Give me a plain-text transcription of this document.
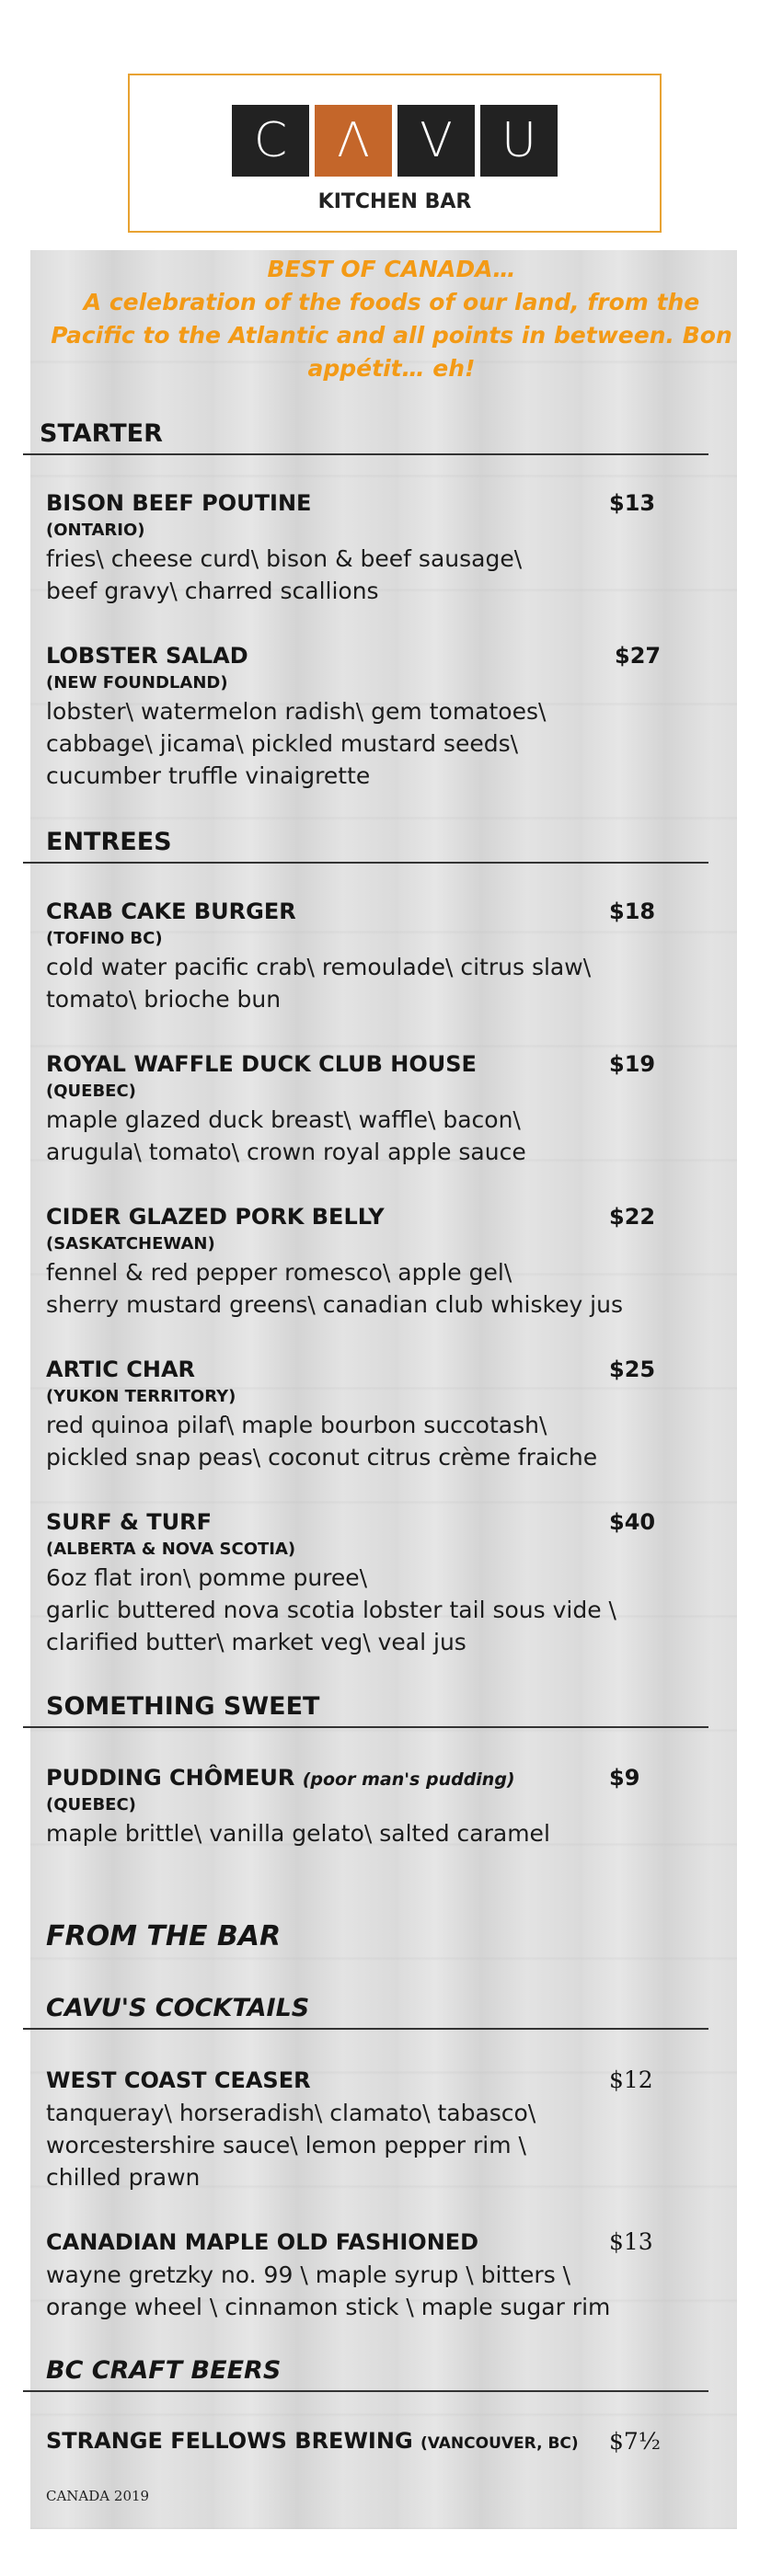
C	Λ	V	U
KITCHEN BAR
BEST OF CANADA…
A celebration of the foods of our land, from the
Pacific to the Atlantic and all points in between. Bon
appétit… eh!
STARTER
BISON BEEF POUTINE	$13
(ONTARIO)
fries\ cheese curd\ bison & beef sausage\
beef gravy\ charred scallions
LOBSTER SALAD	$27
(NEW FOUNDLAND)
lobster\ watermelon radish\ gem tomatoes\
cabbage\ jicama\ pickled mustard seeds\
cucumber truffle vinaigrette
ENTREES
CRAB CAKE BURGER	$18
(TOFINO BC)
cold water pacific crab\ remoulade\ citrus slaw\
tomato\ brioche bun
ROYAL WAFFLE DUCK CLUB HOUSE	$19
(QUEBEC)
maple glazed duck breast\ waffle\ bacon\
arugula\ tomato\ crown royal apple sauce
CIDER GLAZED PORK BELLY	$22
(SASKATCHEWAN)
fennel & red pepper romesco\ apple gel\
sherry mustard greens\ canadian club whiskey jus
ARTIC CHAR	$25
(YUKON TERRITORY)
red quinoa pilaf\ maple bourbon succotash\
pickled snap peas\ coconut citrus crème fraiche
SURF & TURF	$40
(ALBERTA & NOVA SCOTIA)
6oz flat iron\ pomme puree\
garlic buttered nova scotia lobster tail sous vide \
clarified butter\ market veg\ veal jus
SOMETHING SWEET
PUDDING CHÔMEUR (poor man's pudding)	$9
(QUEBEC)
maple brittle\ vanilla gelato\ salted caramel
FROM THE BAR
CAVU'S COCKTAILS
WEST COAST CEASER	$12
tanqueray\ horseradish\ clamato\ tabasco\
worcestershire sauce\ lemon pepper rim \
chilled prawn
CANADIAN MAPLE OLD FASHIONED	$13
wayne gretzky no. 99 \ maple syrup \ bitters \
orange wheel \ cinnamon stick \ maple sugar rim
BC CRAFT BEERS
STRANGE FELLOWS BREWING (VANCOUVER, BC) $7½
CANADA 2019
